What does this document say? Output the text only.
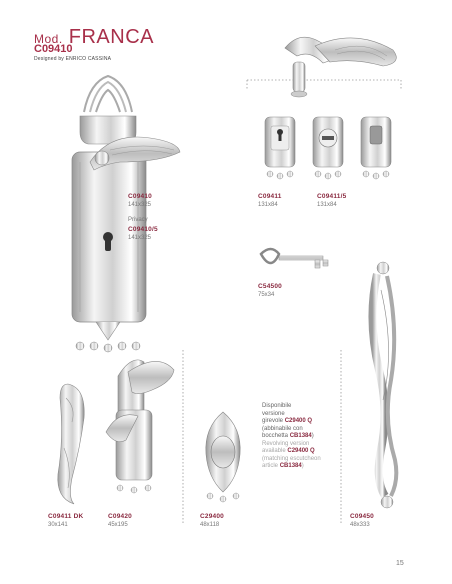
Mod. FRANCA
C09410
Designed by ENRICO CASSINA
C09410
141x325
Privacy
C09410/5
141x325
C09411
131x84
C09411/5
131x84
C54500
75x34
C09411 DK
30x141
C09420
45x195
C29400
48x118
C09450
48x333
Disponibile
versione
girevole C29400 Q
(abbinabile con
bocchetta CB1384)
Revolving version
available C29400 Q
(matching escutcheon
article CB1384)
15
